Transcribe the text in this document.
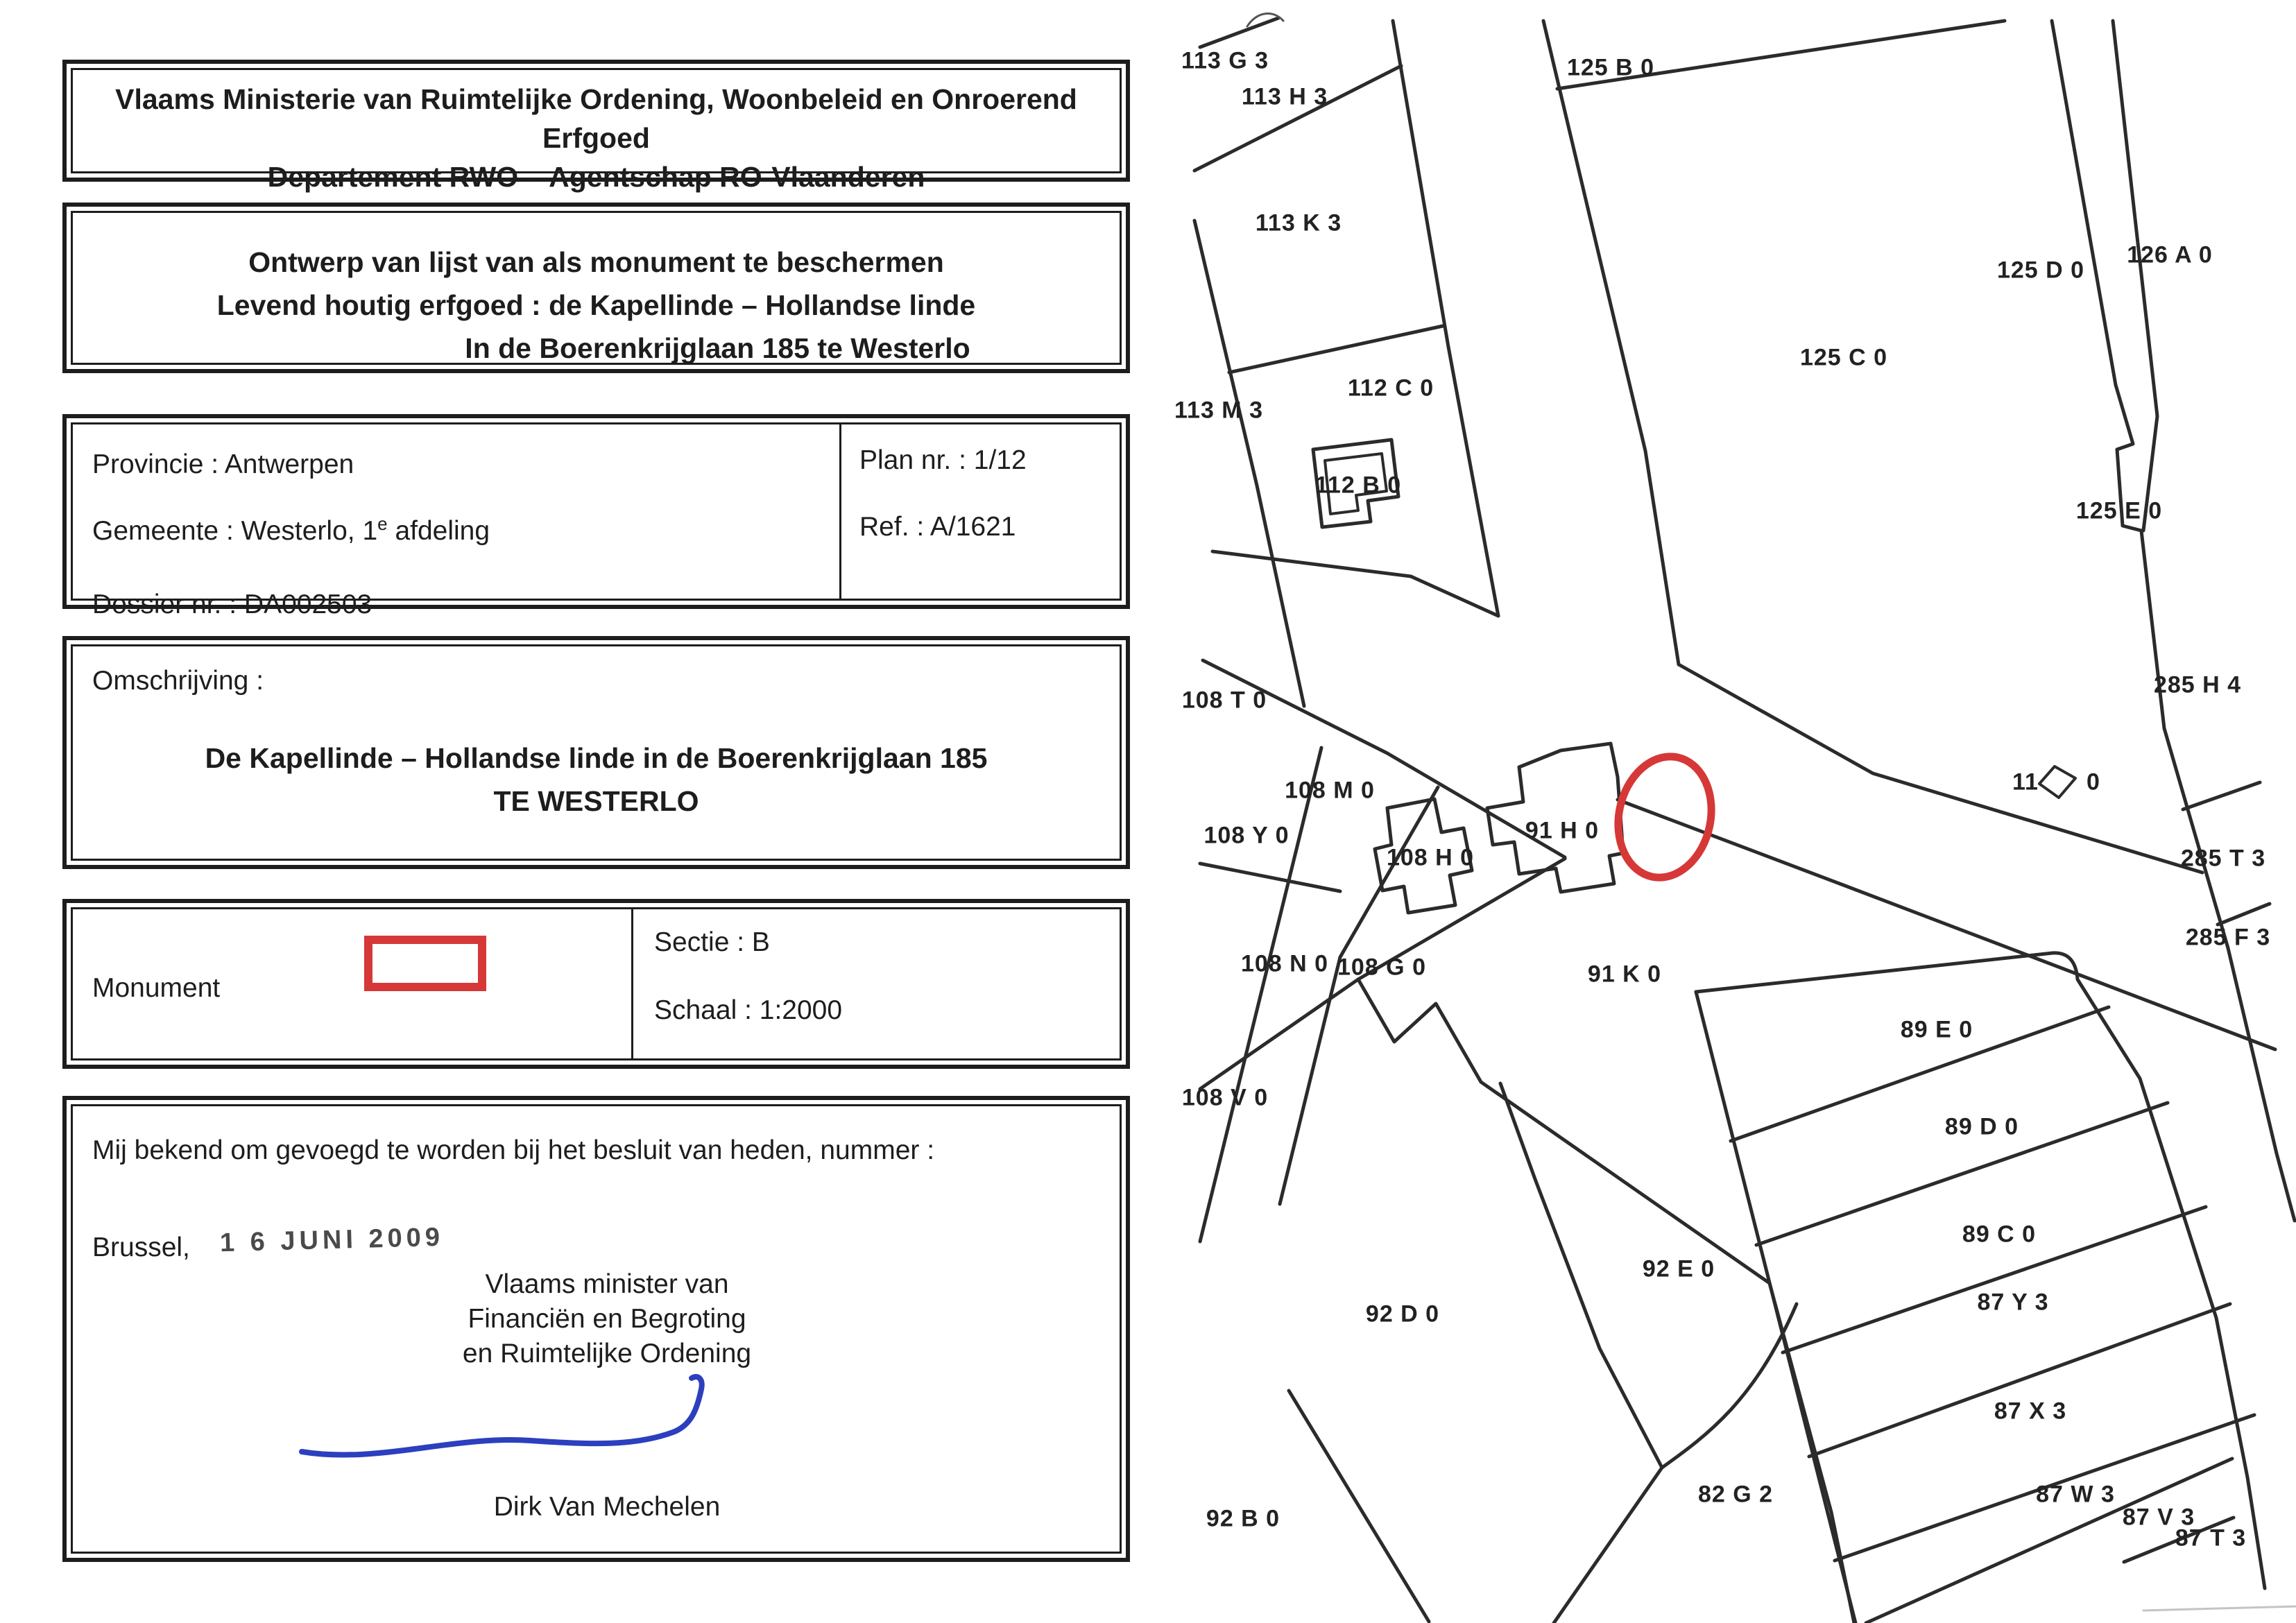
Vlaams Ministerie van Ruimtelijke Ordening, Woonbeleid en Onroerend Erfgoed
Departement RWO – Agentschap RO-Vlaanderen
Ontwerp van lijst van als monument te beschermen
Levend houtig erfgoed : de Kapellinde – Hollandse linde
In de Boerenkrijglaan 185 te Westerlo
Provincie : Antwerpen
Gemeente : Westerlo, 1e afdeling
Dossier nr. : DA002503
Plan nr. : 1/12
Ref. : A/1621
Omschrijving :
De Kapellinde – Hollandse linde in de Boerenkrijglaan 185
TE WESTERLO
Monument
Sectie : B
Schaal : 1:2000
Mij bekend om gevoegd te worden bij het besluit van heden, nummer :
Brussel, 1 6 JUNI 2009
Vlaams minister van
Financiën en Begroting
en Ruimtelijke Ordening
Dirk Van Mechelen
113 G 3
113 H 3
113 K 3
113 M 3
112 C 0
112 B 0
125 B 0
125 C 0
125 D 0
126 A 0
125 E 0
285 H 4
11 0
285 T 3
285 F 3
108 T 0
108 M 0
108 H 0
108 Y 0
108 G 0
108 N 0
108 V 0
91 H 0
91 K 0
89 E 0
89 D 0
89 C 0
87 Y 3
92 E 0
92 D 0
87 X 3
92 B 0
82 G 2	87 W 3
87 V 3
87 T 3
